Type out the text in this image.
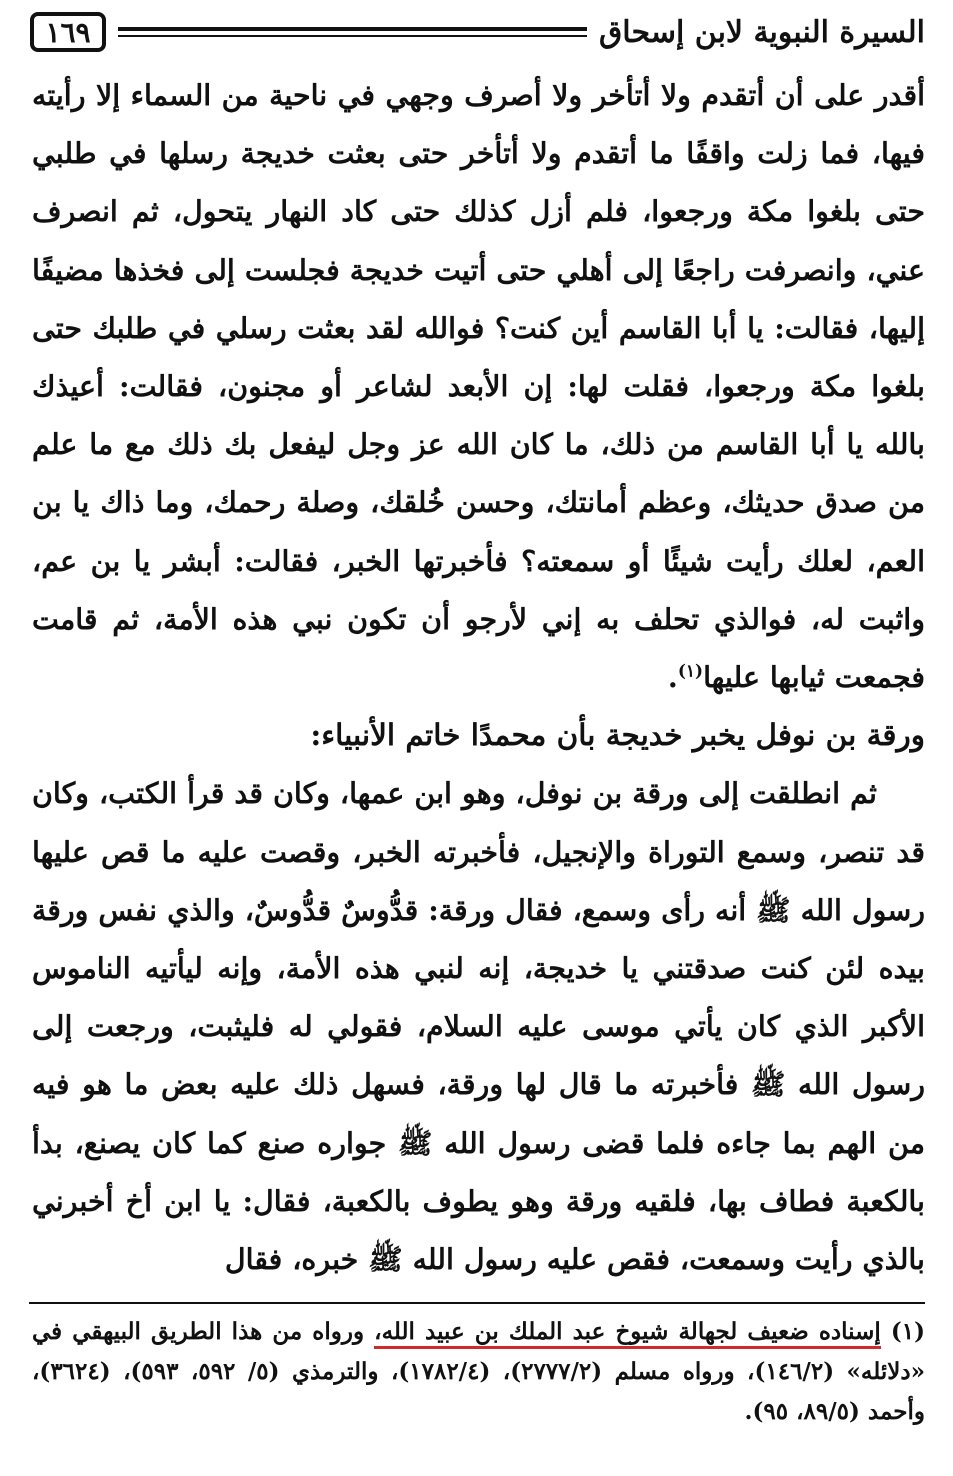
١٦٩	السيرة النبوية لابن إسحاق

أقدر على أن أتقدم ولا أتأخر ولا أصرف وجهي في ناحية من السماء إلا رأيته فيها، فما زلت واقفًا ما أتقدم ولا أتأخر حتى بعثت خديجة رسلها في طلبي حتى بلغوا مكة ورجعوا، فلم أزل كذلك حتى كاد النهار يتحول، ثم انصرف عني، وانصرفت راجعًا إلى أهلي حتى أتيت خديجة فجلست إلى فخذها مضيفًا إليها، فقالت: يا أبا القاسم أين كنت؟ فوالله لقد بعثت رسلي في طلبك حتى بلغوا مكة ورجعوا، فقلت لها: إن الأبعد لشاعر أو مجنون، فقالت: أعيذك بالله يا أبا القاسم من ذلك، ما كان الله عز وجل ليفعل بك ذلك مع ما علم من صدق حديثك، وعظم أمانتك، وحسن خُلقك، وصلة رحمك، وما ذاك يا بن العم، لعلك رأيت شيئًا أو سمعته؟ فأخبرتها الخبر، فقالت: أبشر يا بن عم، واثبت له، فوالذي تحلف به إني لأرجو أن تكون نبي هذه الأمة، ثم قامت فجمعت ثيابها عليها$^{(١)}$.

ورقة بن نوفل يخبر خديجة بأن محمدًا خاتم الأنبياء:

ثم انطلقت إلى ورقة بن نوفل، وهو ابن عمها، وكان قد قرأ الكتب، وكان قد تنصر، وسمع التوراة والإنجيل، فأخبرته الخبر، وقصت عليه ما قص عليها رسول الله ﷺ أنه رأى وسمع، فقال ورقة: قدُّوسٌ قدُّوسٌ، والذي نفس ورقة بيده لئن كنت صدقتني يا خديجة، إنه لنبي هذه الأمة، وإنه ليأتيه الناموس الأكبر الذي كان يأتي موسى عليه السلام، فقولي له فليثبت، ورجعت إلى رسول الله ﷺ فأخبرته ما قال لها ورقة، فسهل ذلك عليه بعض ما هو فيه من الهم بما جاءه فلما قضى رسول الله ﷺ جواره صنع كما كان يصنع، بدأ بالكعبة فطاف بها، فلقيه ورقة وهو يطوف بالكعبة، فقال: يا ابن أخ أخبرني بالذي رأيت وسمعت، فقص عليه رسول الله ﷺ خبره، فقال

(١) إسناده ضعيف لجهالة شيوخ عبد الملك بن عبيد الله، ورواه من هذا الطريق البيهقي في «دلائله» (١٤٦/٢)، ورواه مسلم (٢٧٧٧/٢)، (١٧٨٢/٤)، والترمذي (٥/ ٥٩٢، ٥٩٣)، (٣٦٢٤)، وأحمد (٨٩/٥، ٩٥).
